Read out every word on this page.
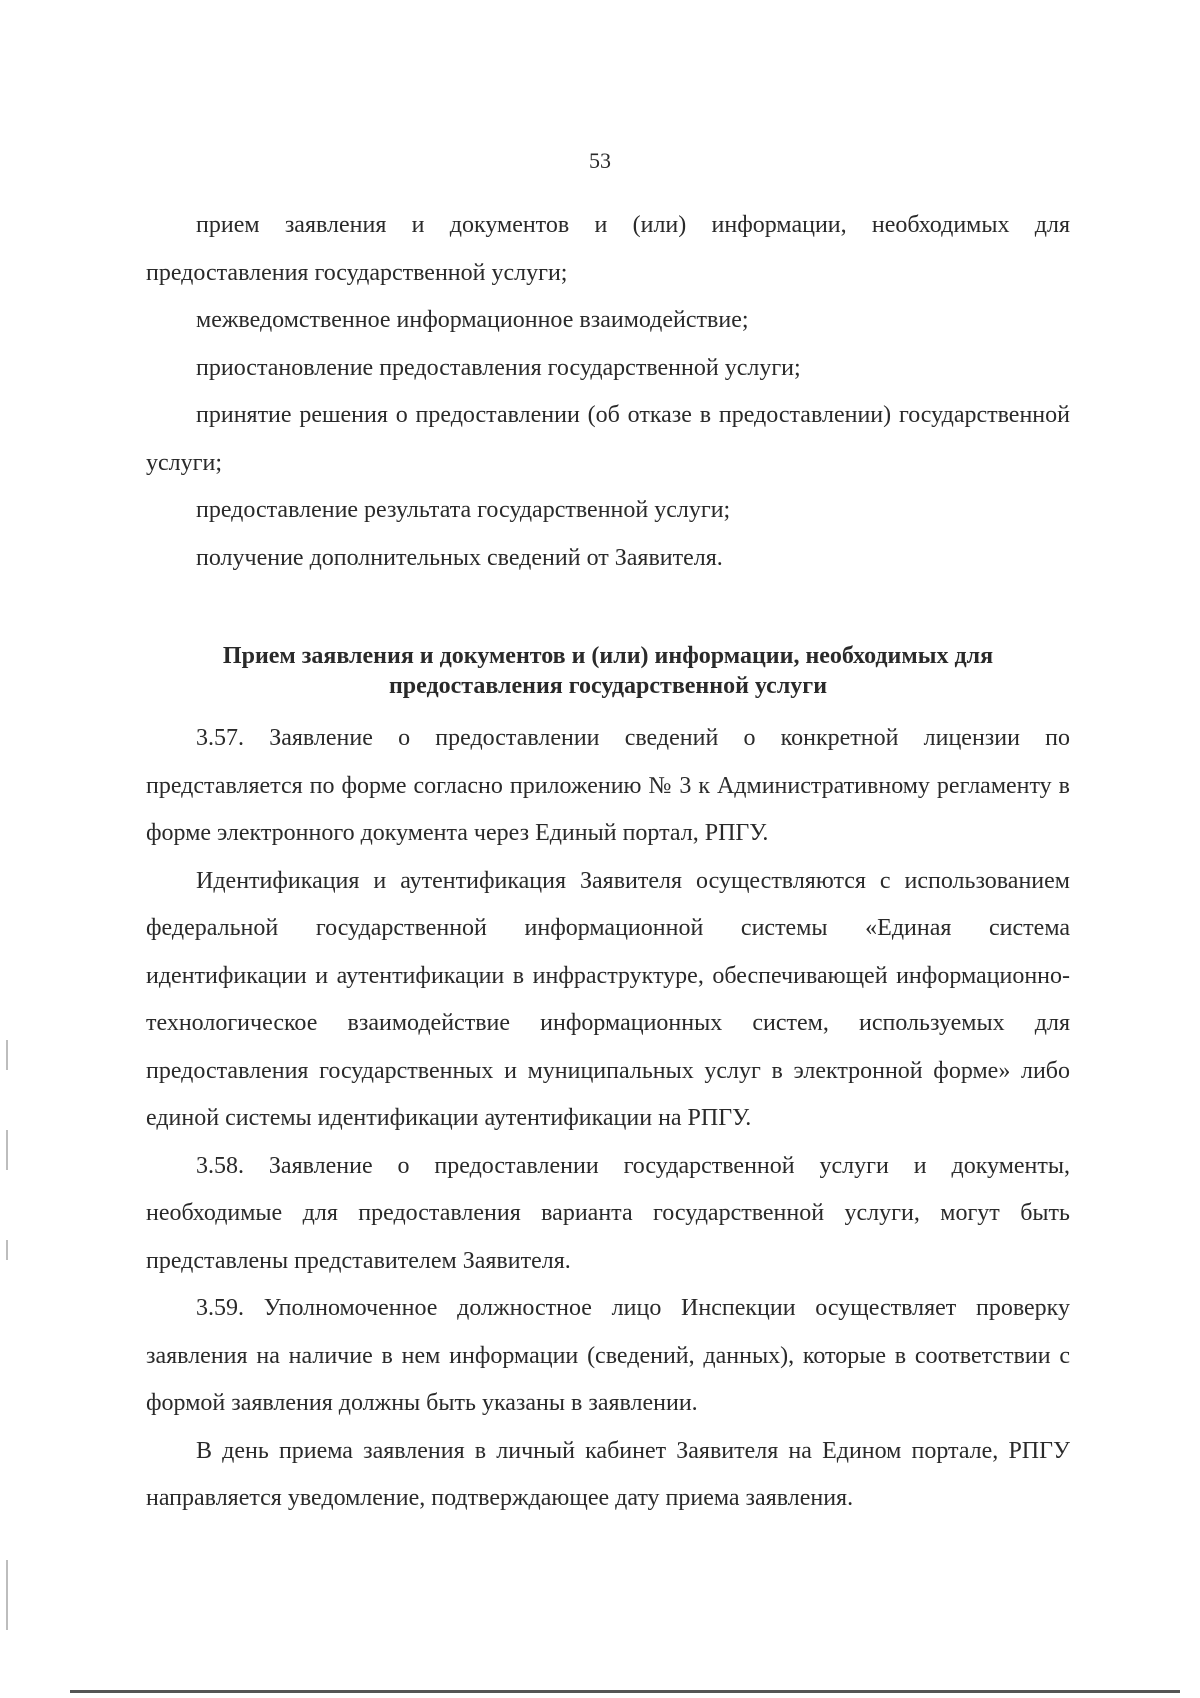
53

прием заявления и документов и (или) информации, необходимых для предоставления государственной услуги;

межведомственное информационное взаимодействие;

приостановление предоставления государственной услуги;

принятие решения о предоставлении (об отказе в предоставлении) государственной услуги;

предоставление результата государственной услуги;

получение дополнительных сведений от Заявителя.

Прием заявления и документов и (или) информации, необходимых для предоставления государственной услуги

3.57. Заявление о предоставлении сведений о конкретной лицензии по представляется по форме согласно приложению № 3 к Административному регламенту в форме электронного документа через Единый портал, РПГУ.

Идентификация и аутентификация Заявителя осуществляются с использованием федеральной государственной информационной системы «Единая система идентификации и аутентификации в инфраструктуре, обеспечивающей информационно-технологическое взаимодействие информационных систем, используемых для предоставления государственных и муниципальных услуг в электронной форме» либо единой системы идентификации аутентификации на РПГУ.

3.58. Заявление о предоставлении государственной услуги и документы, необходимые для предоставления варианта государственной услуги, могут быть представлены представителем Заявителя.

3.59. Уполномоченное должностное лицо Инспекции осуществляет проверку заявления на наличие в нем информации (сведений, данных), которые в соответствии с формой заявления должны быть указаны в заявлении.

В день приема заявления в личный кабинет Заявителя на Едином портале, РПГУ направляется уведомление, подтверждающее дату приема заявления.
